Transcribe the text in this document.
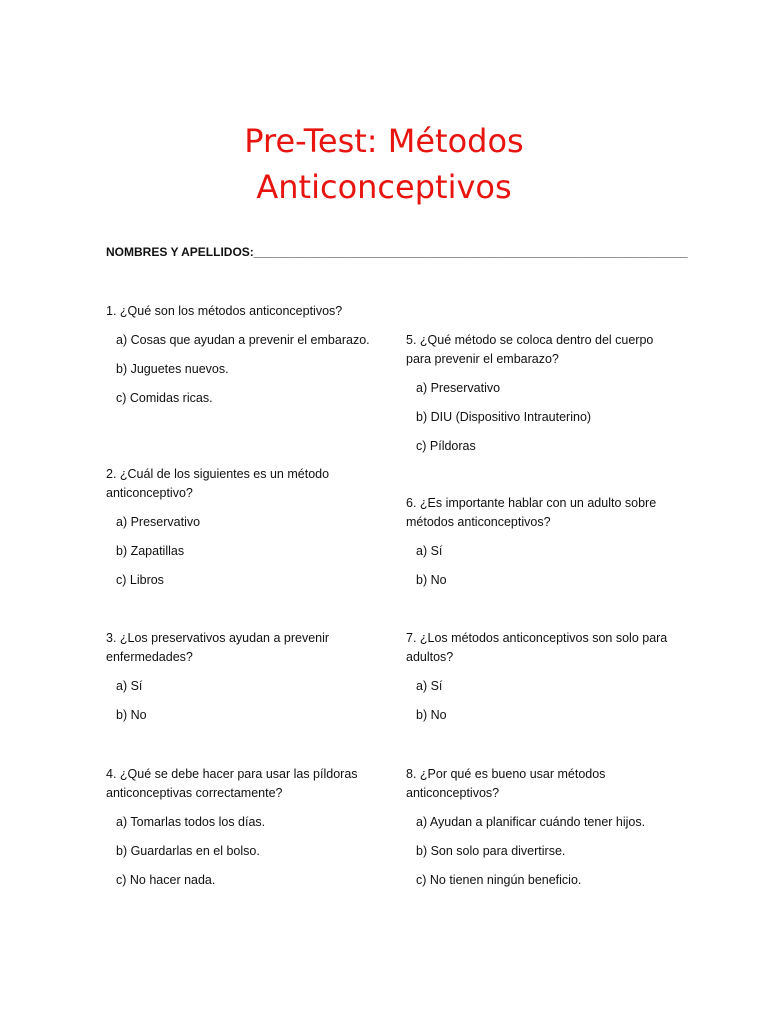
Pre-Test: Métodos
Anticonceptivos
NOMBRES Y APELLIDOS:_________________________________________________________________

1. ¿Qué son los métodos anticonceptivos?

a) Cosas que ayudan a prevenir el embarazo.

b) Juguetes nuevos.

c) Comidas ricas.

2. ¿Cuál de los siguientes es un método anticonceptivo?

a) Preservativo

b) Zapatillas

c) Libros

3. ¿Los preservativos ayudan a prevenir enfermedades?

a) Sí

b) No

4. ¿Qué se debe hacer para usar las píldoras anticonceptivas correctamente?

a) Tomarlas todos los días.

b) Guardarlas en el bolso.

c) No hacer nada.

5. ¿Qué método se coloca dentro del cuerpo para prevenir el embarazo?

a) Preservativo

b) DIU (Dispositivo Intrauterino)

c) Píldoras

6. ¿Es importante hablar con un adulto sobre métodos anticonceptivos?

a) Sí

b) No

7. ¿Los métodos anticonceptivos son solo para adultos?

a) Sí

b) No

8. ¿Por qué es bueno usar métodos anticonceptivos?

a) Ayudan a planificar cuándo tener hijos.

b) Son solo para divertirse.

c) No tienen ningún beneficio.
